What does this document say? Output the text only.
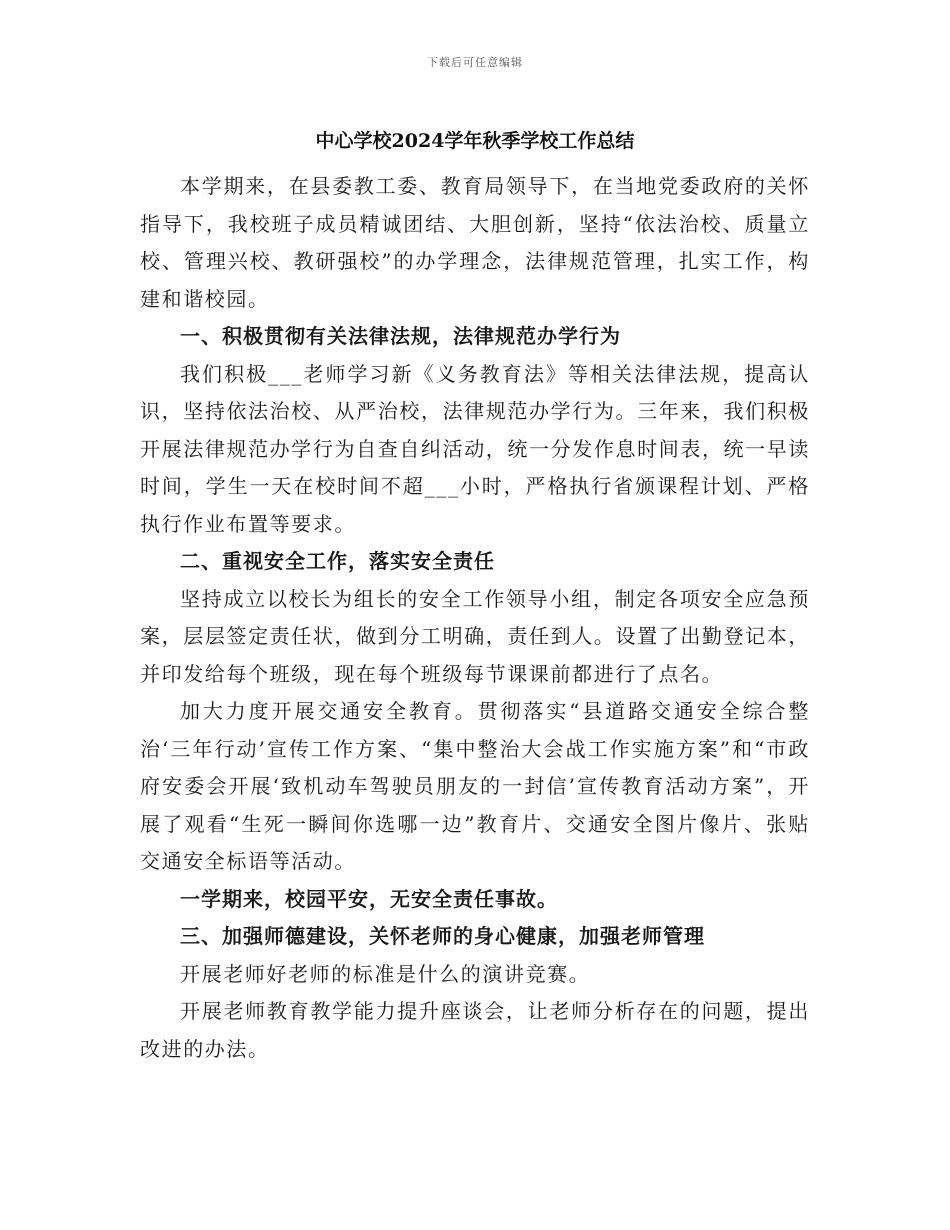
下载后可任意编辑
中心学校2024学年秋季学校工作总结

本学期来，在县委教工委、教育局领导下，在当地党委政府的关怀指导下，我校班子成员精诚团结、大胆创新，坚持“依法治校、质量立校、管理兴校、教研强校”的办学理念，法律规范管理，扎实工作，构建和谐校园。

一、积极贯彻有关法律法规，法律规范办学行为

我们积极___老师学习新《义务教育法》等相关法律法规，提高认识，坚持依法治校、从严治校，法律规范办学行为。三年来，我们积极开展法律规范办学行为自查自纠活动，统一分发作息时间表，统一早读时间，学生一天在校时间不超___小时，严格执行省颁课程计划、严格执行作业布置等要求。

二、重视安全工作，落实安全责任

坚持成立以校长为组长的安全工作领导小组，制定各项安全应急预案，层层签定责任状，做到分工明确，责任到人。设置了出勤登记本，并印发给每个班级，现在每个班级每节课课前都进行了点名。

加大力度开展交通安全教育。贯彻落实“县道路交通安全综合整治‘三年行动’宣传工作方案、“集中整治大会战工作实施方案”和“市政府安委会开展‘致机动车驾驶员朋友的一封信’宣传教育活动方案”，开展了观看“生死一瞬间你选哪一边”教育片、交通安全图片像片、张贴交通安全标语等活动。

一学期来，校园平安，无安全责任事故。

三、加强师德建设，关怀老师的身心健康，加强老师管理

开展老师好老师的标准是什么的演讲竞赛。

开展老师教育教学能力提升座谈会，让老师分析存在的问题，提出改进的办法。
